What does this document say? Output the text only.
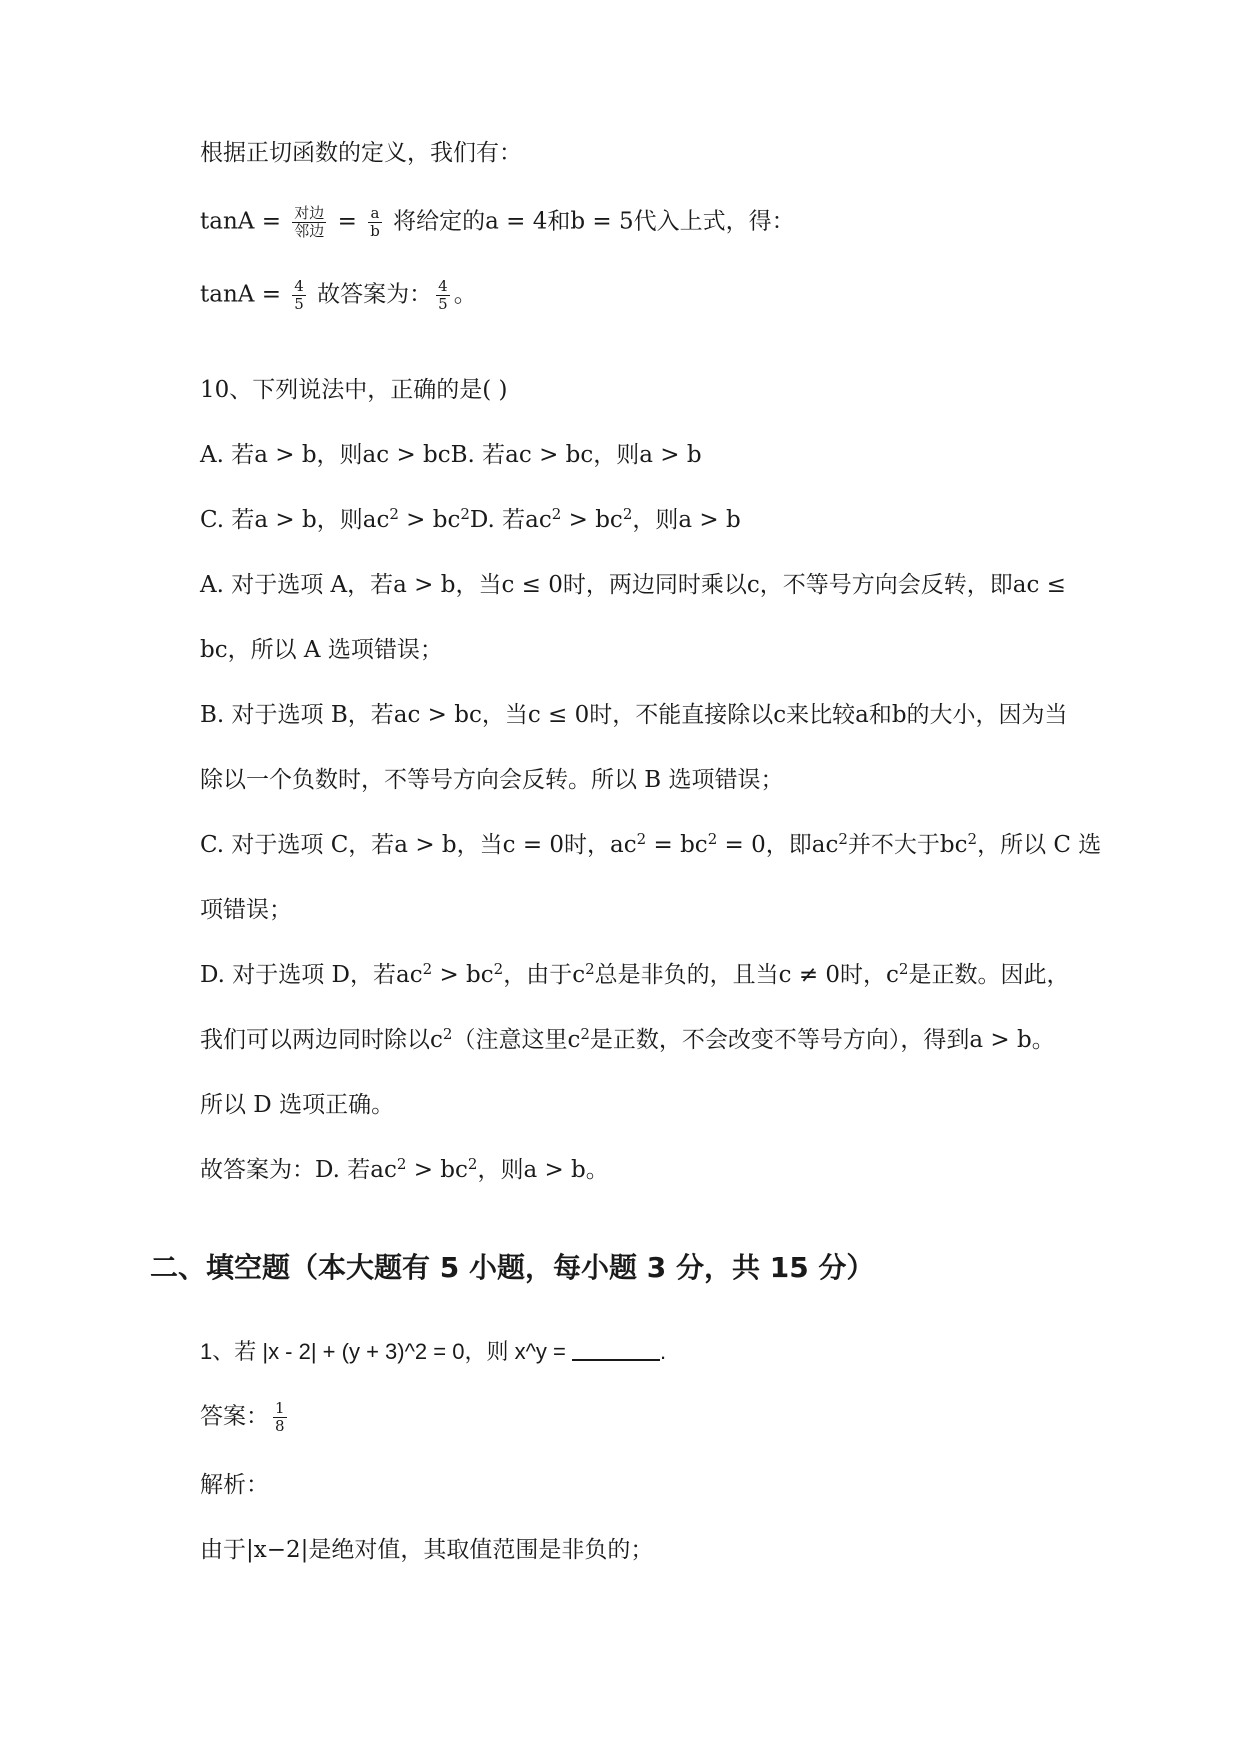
根据正切函数的定义，我们有：
$\tan A = \frac{\text{对边}}{\text{邻边}} = \frac{a}{b}$ 将给定的a = 4和b = 5代入上式，得：
$\tan A = \frac{4}{5}$ 故答案为： $\frac{4}{5}$ 。
10、下列说法中，正确的是( )
A. 若a > b，则ac > bcB. 若ac > bc，则a > b
C. 若a > b，则$ac^2 > bc^2D$. 若$ac^2 > bc^2$，则a > b
A. 对于选项 A，若a > b，当c ≤ 0时，两边同时乘以c，不等号方向会反转，即ac ≤
bc，所以 A 选项错误；
B. 对于选项 B，若ac > bc，当c ≤ 0时，不能直接除以c来比较a和b的大小，因为当
除以一个负数时，不等号方向会反转。所以 B 选项错误；
C. 对于选项 C，若a > b，当c = 0时，$ac^2 = bc^2 = 0$，即$ac^2$并不大于$bc^2$，所以 C 选
项错误；
D. 对于选项 D，若$ac^2 > bc^2$，由于$c^2$总是非负的，且当c ≠ 0时，$c^2$是正数。因此，
我们可以两边同时除以$c^2$（注意这里$c^2$是正数，不会改变不等号方向），得到a > b。
所以 D 选项正确。
故答案为：D. 若$ac^2 > bc^2$，则a > b。
二、填空题（本大题有 5 小题，每小题 3 分，共 15 分）
1、若 |x - 2| + (y + 3)^2 = 0，则 x^y =	.
答案： $\frac{1}{8}$
解析：
由于|x−2|是绝对值，其取值范围是非负的；
